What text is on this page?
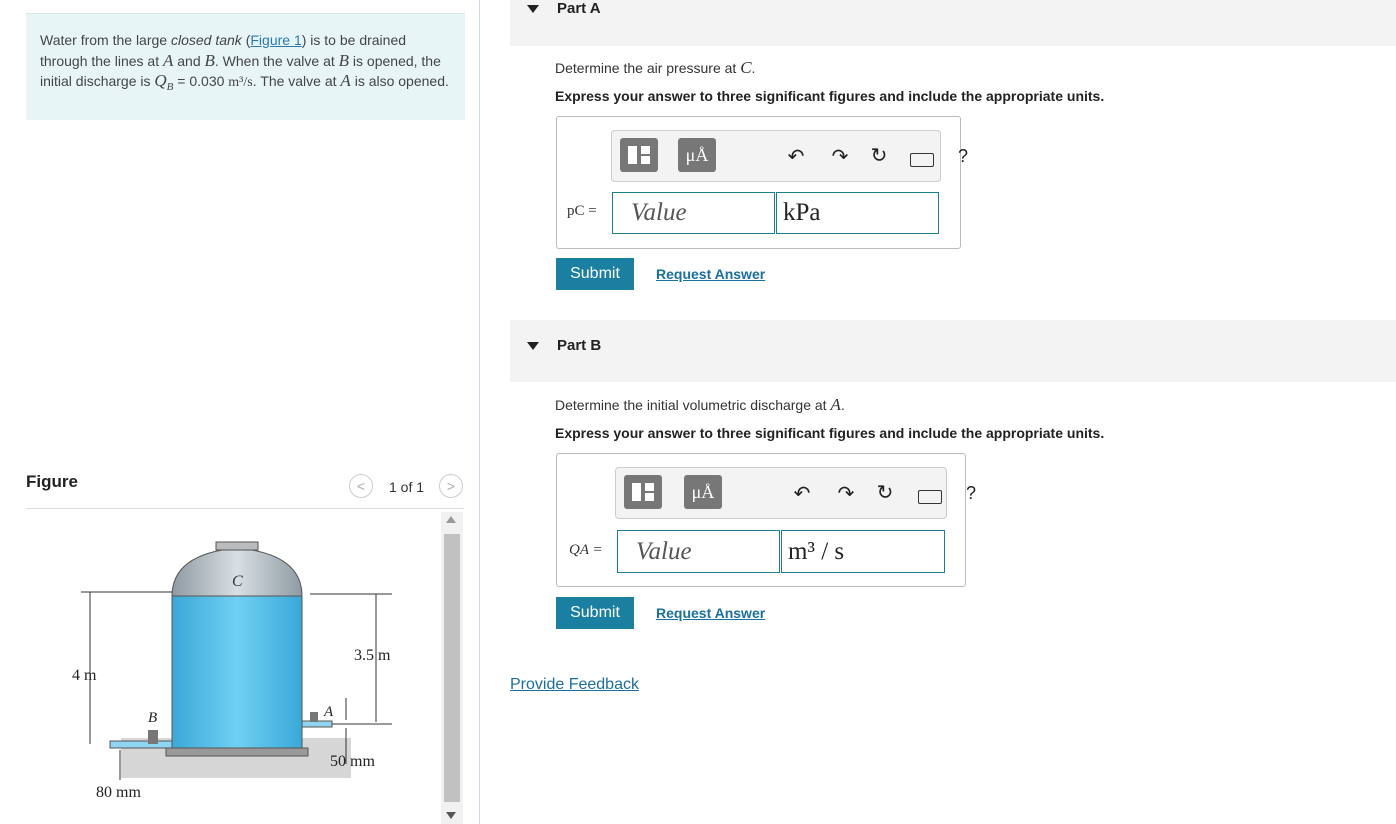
Water from the large closed tank (Figure 1) is to be drained through the lines at A and B. When the valve at B is opened, the initial discharge is $Q_B = 0.030$ m³/s. The valve at A is also opened.

Figure	<	1 of 1	>
C
4 m
3.5 m
A
B
80 mm
50 mm
Part A
Determine the air pressure at C.
Express your answer to three significant figures and include the appropriate units.
μÅ	↶ ↷ ↻	?
pC =	Value	kPa
Submit	Request Answer
Part B
Determine the initial volumetric discharge at A.
Express your answer to three significant figures and include the appropriate units.
μÅ	↶ ↷ ↻	?
QA =	Value	m³ / s
Submit	Request Answer
Provide Feedback
